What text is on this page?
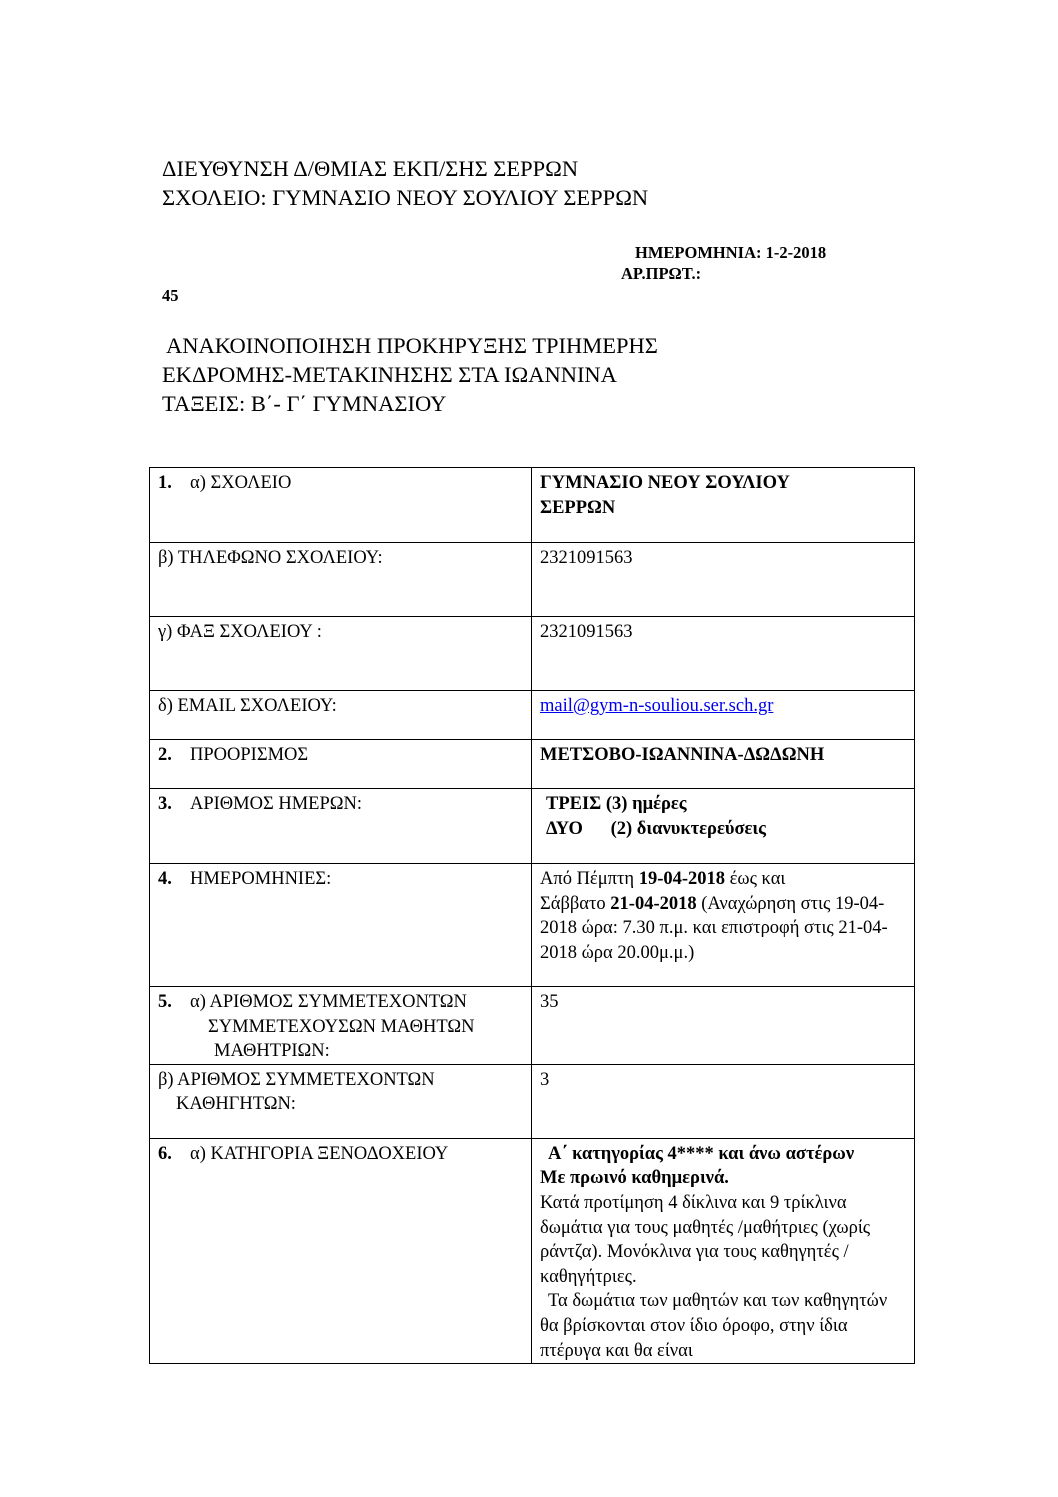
ΔΙΕΥΘΥΝΣΗ Δ/ΘΜΙΑΣ ΕΚΠ/ΣΗΣ ΣΕΡΡΩΝ
ΣΧΟΛΕΙΟ: ΓΥΜΝΑΣΙΟ ΝΕΟΥ ΣΟΥΛΙΟΥ ΣΕΡΡΩΝ
ΗΜΕΡΟΜΗΝΙΑ: 1-2-2018
ΑΡ.ΠΡΩΤ.:
45
ΑΝΑΚΟΙΝΟΠΟΙΗΣΗ ΠΡΟΚΗΡΥΞΗΣ ΤΡΙΗΜΕΡΗΣ
ΕΚΔΡΟΜΗΣ-ΜΕΤΑΚΙΝΗΣΗΣ ΣΤΑ ΙΩΑΝΝΙΝΑ
ΤΑΞΕΙΣ: Β΄- Γ΄ ΓΥΜΝΑΣΙΟΥ
1. α) ΣΧΟΛΕΙΟ	ΓΥΜΝΑΣΙΟ ΝΕΟΥ ΣΟΥΛΙΟΥ
ΣΕΡΡΩΝ

β) ΤΗΛΕΦΩΝΟ ΣΧΟΛΕΙΟΥ:	2321091563
γ) ΦΑΞ ΣΧΟΛΕΙΟΥ :	2321091563
δ) EMAIL ΣΧΟΛΕΙΟΥ:	mail@gym-n-souliou.ser.sch.gr
2. ΠΡΟΟΡΙΣΜΟΣ	ΜΕΤΣΟΒΟ-ΙΩΑΝΝΙΝΑ-ΔΩΔΩΝΗ
3. ΑΡΙΘΜΟΣ ΗΜΕΡΩΝ:	ΤΡΕΙΣ (3) ημέρες
ΔΥΟ      (2) διανυκτερεύσεις

4. ΗΜΕΡΟΜΗΝΙΕΣ:	Από Πέμπτη 19-04-2018 έως και
Σάββατο 21-04-2018 (Αναχώρηση στις 19-04-2018 ώρα: 7.30 π.μ. και επιστροφή στις 21-04-2018 ώρα 20.00μ.μ.)

5. α) ΑΡΙΘΜΟΣ ΣΥΜΜΕΤΕΧΟΝΤΩΝ
ΣΥΜΜΕΤΕΧΟΥΣΩΝ ΜΑΘΗΤΩΝ
ΜΑΘΗΤΡΙΩΝ:	35

β) ΑΡΙΘΜΟΣ ΣΥΜΜΕΤΕΧΟΝΤΩΝ
ΚΑΘΗΓΗΤΩΝ:	3
6. α) ΚΑΤΗΓΟΡΙΑ ΞΕΝΟΔΟΧΕΙΟΥ	Α΄ κατηγορίας 4**** και άνω αστέρων
Με πρωινό καθημερινά.
Κατά προτίμηση 4 δίκλινα και 9 τρίκλινα δωμάτια για τους μαθητές /μαθήτριες (χωρίς ράντζα). Μονόκλινα για τους καθηγητές / καθηγήτριες.
Τα δωμάτια των μαθητών και των καθηγητών θα βρίσκονται στον ίδιο όροφο, στην ίδια πτέρυγα και θα είναι
